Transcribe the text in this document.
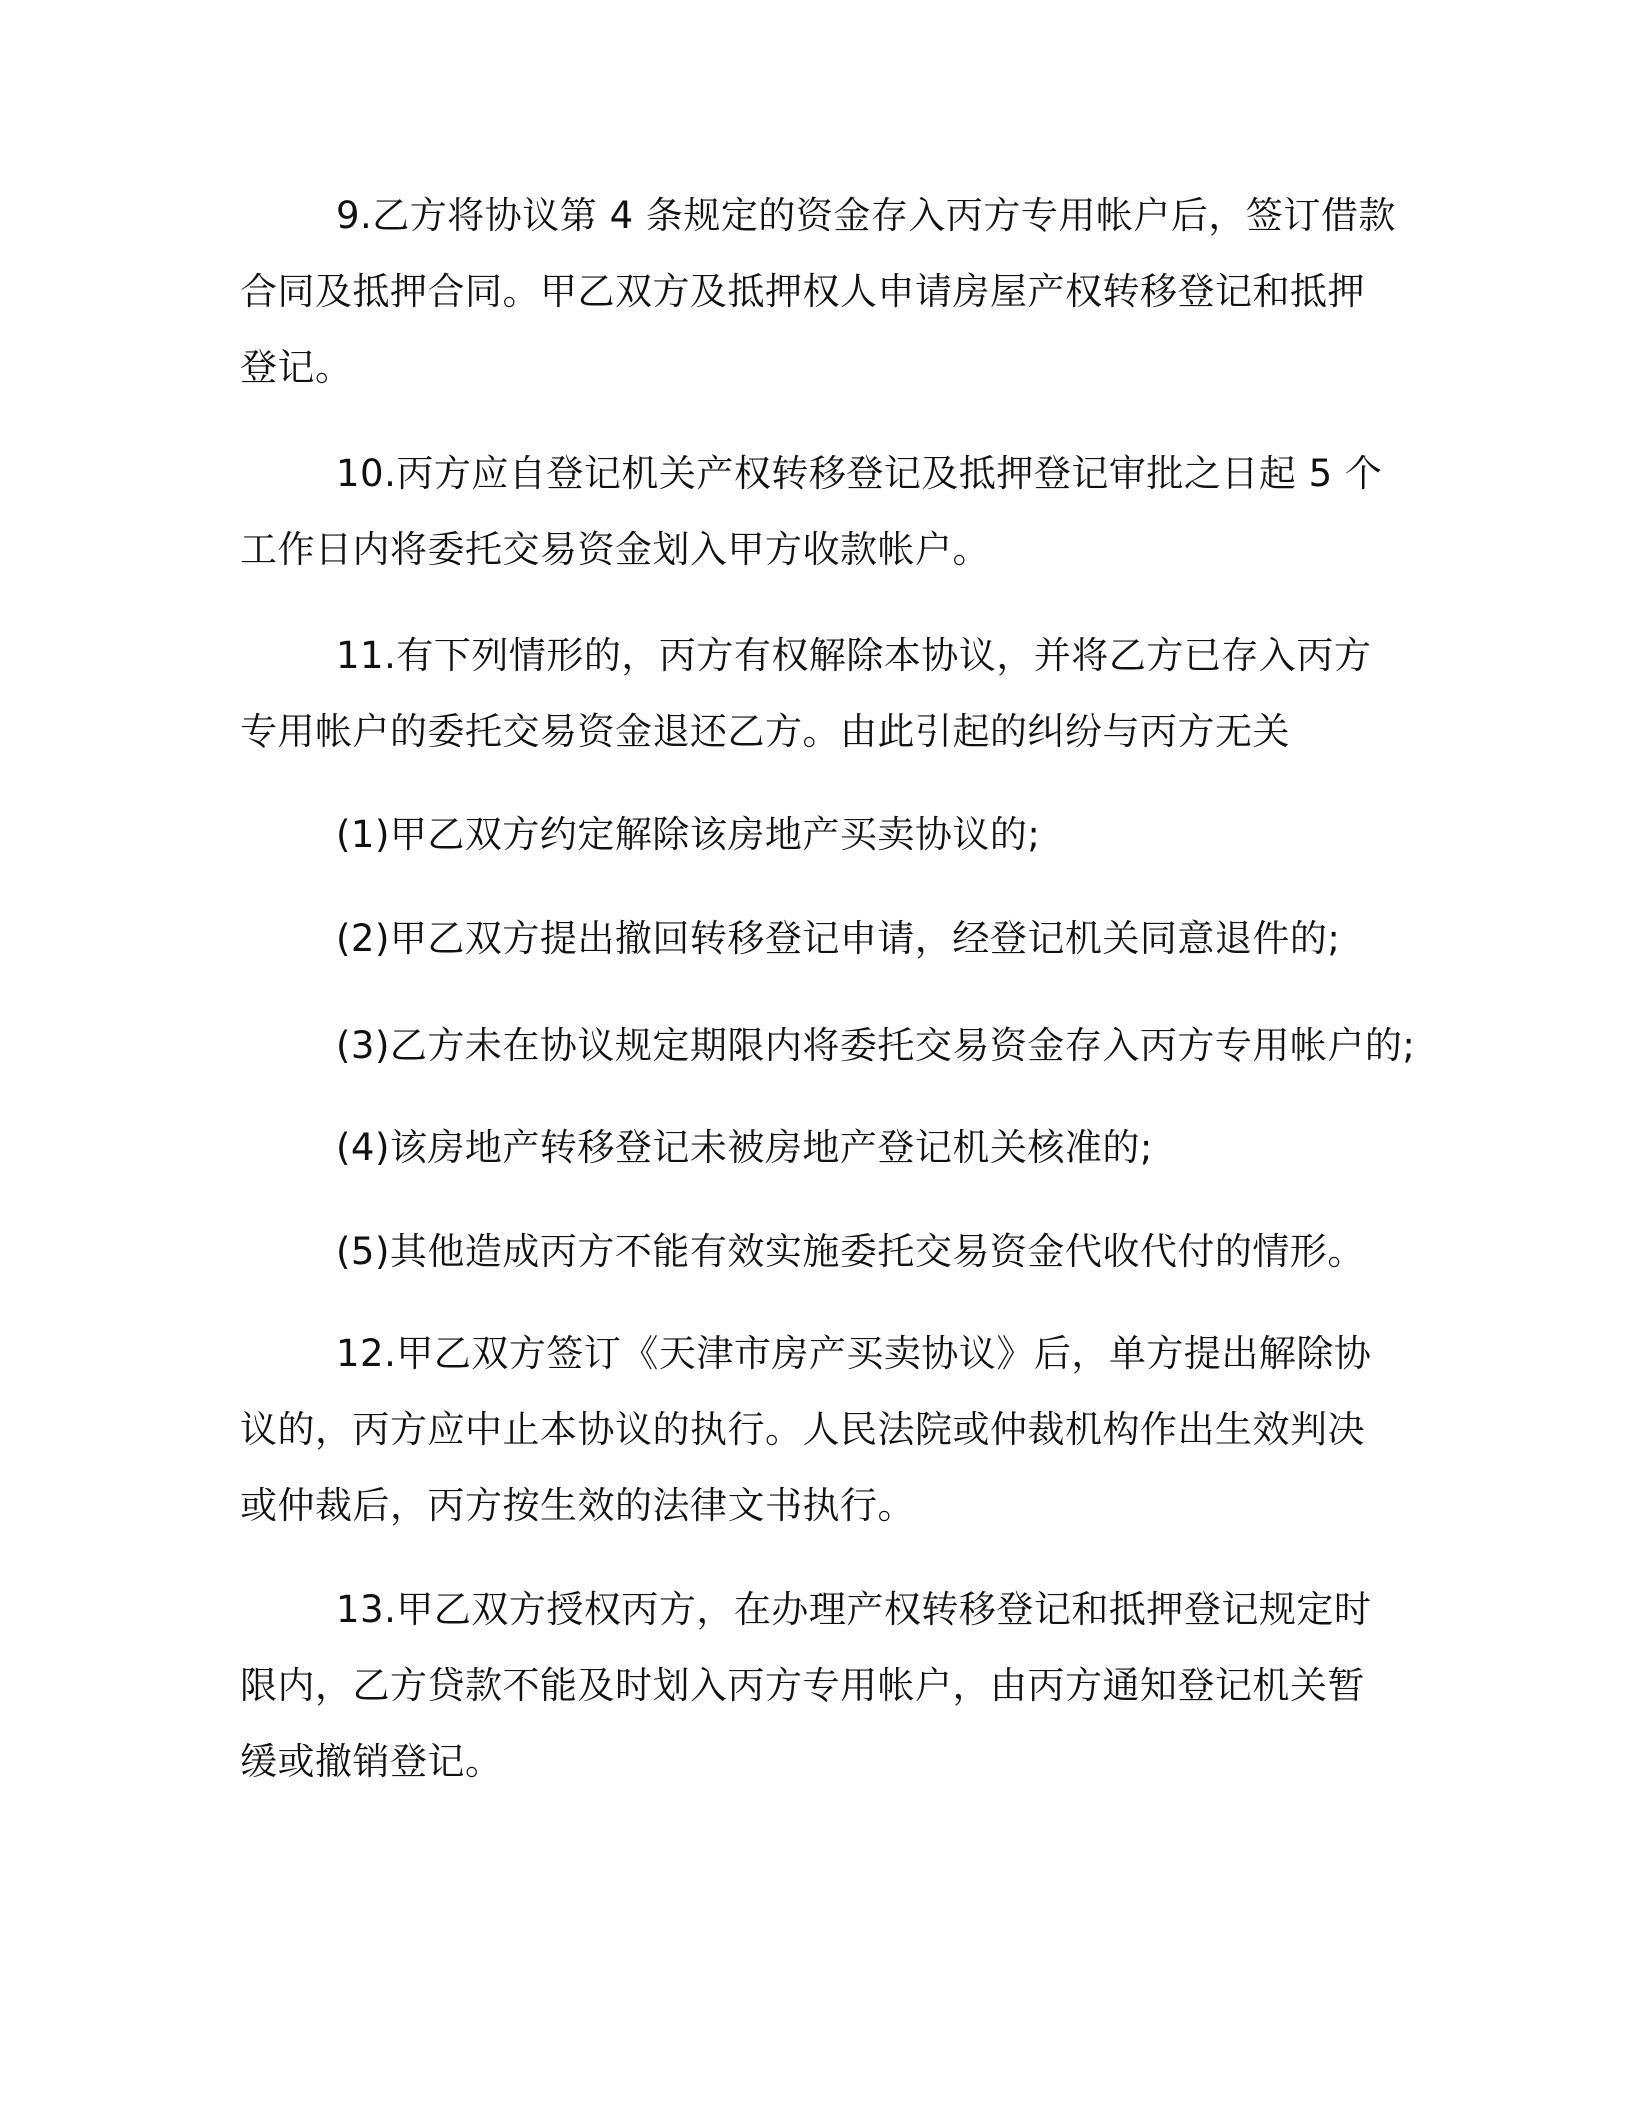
9.乙方将协议第 4 条规定的资金存入丙方专用帐户后，签订借款
合同及抵押合同。甲乙双方及抵押权人申请房屋产权转移登记和抵押
登记。
10.丙方应自登记机关产权转移登记及抵押登记审批之日起 5 个
工作日内将委托交易资金划入甲方收款帐户。
11.有下列情形的，丙方有权解除本协议，并将乙方已存入丙方
专用帐户的委托交易资金退还乙方。由此引起的纠纷与丙方无关

(1)甲乙双方约定解除该房地产买卖协议的;

(2)甲乙双方提出撤回转移登记申请，经登记机关同意退件的;

(3)乙方未在协议规定期限内将委托交易资金存入丙方专用帐户的;

(4)该房地产转移登记未被房地产登记机关核准的;

(5)其他造成丙方不能有效实施委托交易资金代收代付的情形。

12.甲乙双方签订《天津市房产买卖协议》后，单方提出解除协
议的，丙方应中止本协议的执行。人民法院或仲裁机构作出生效判决
或仲裁后，丙方按生效的法律文书执行。
13.甲乙双方授权丙方，在办理产权转移登记和抵押登记规定时
限内，乙方贷款不能及时划入丙方专用帐户，由丙方通知登记机关暂
缓或撤销登记。
